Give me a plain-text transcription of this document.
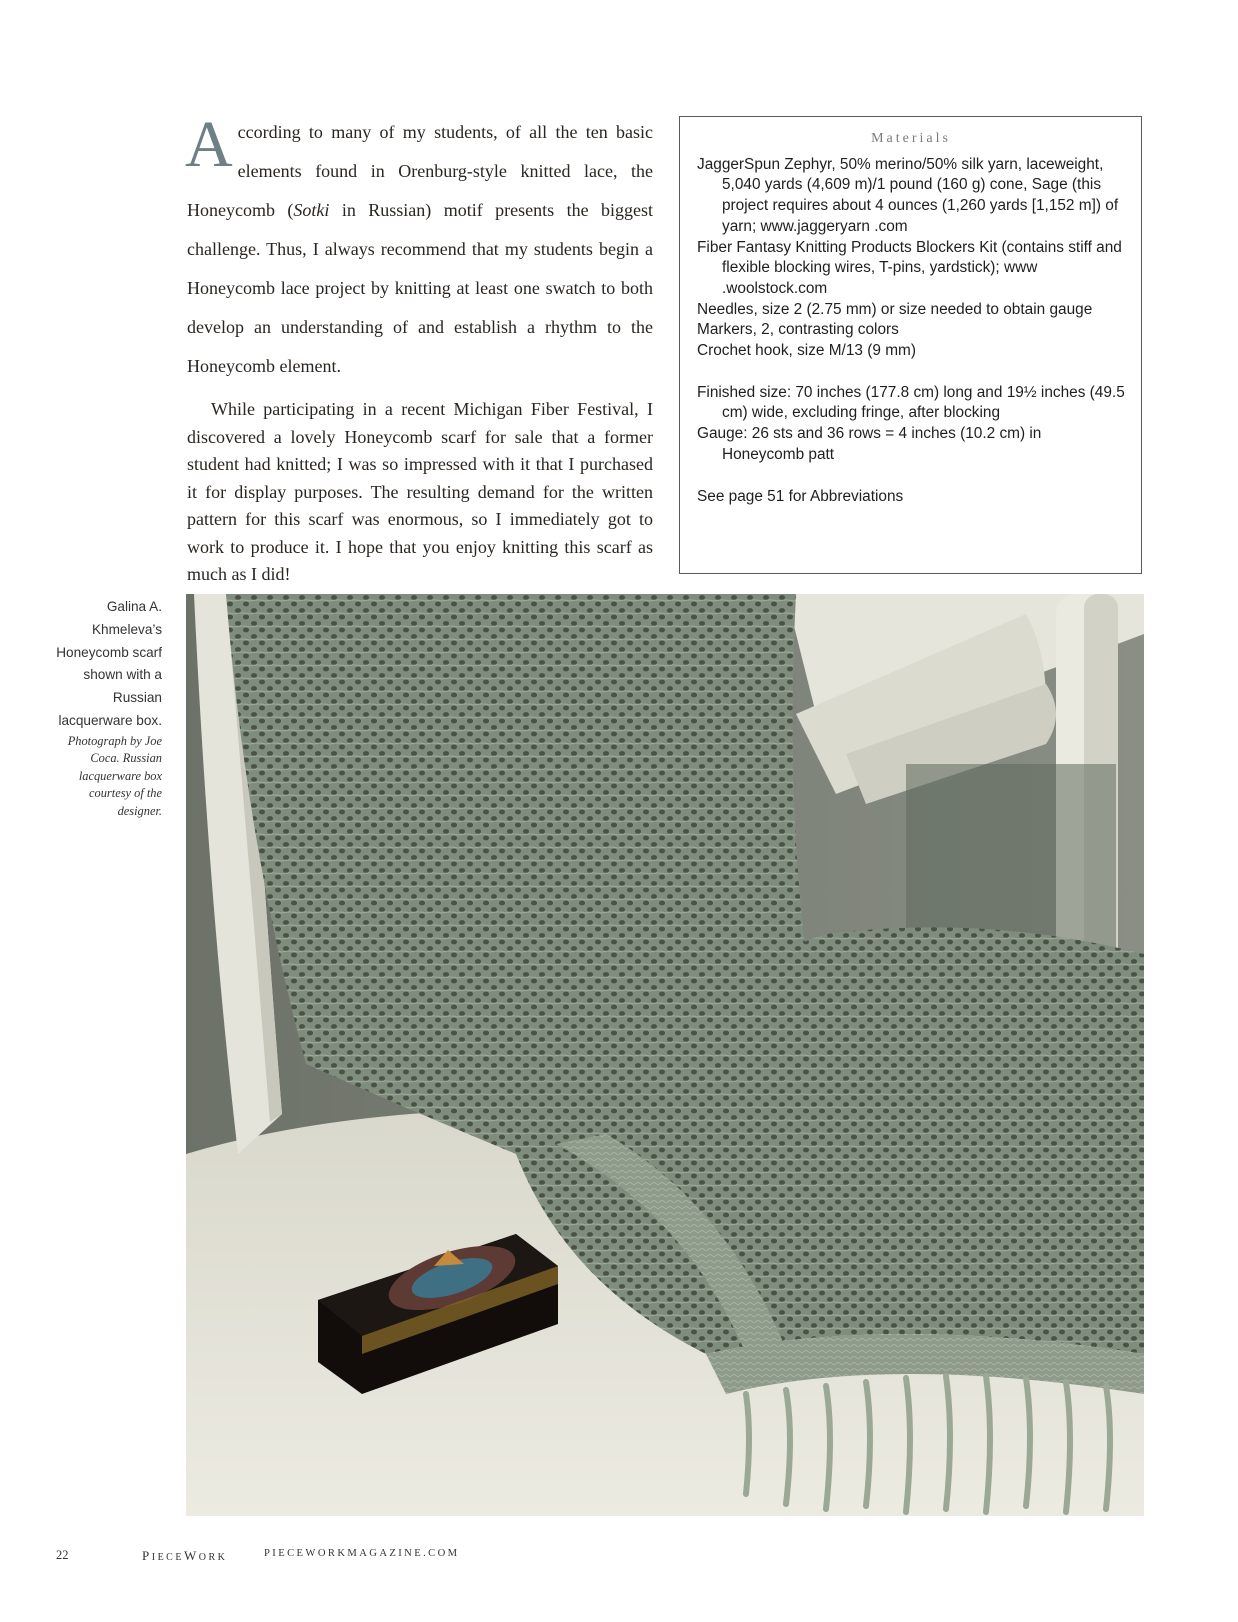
According to many of my students, of all the ten basic elements found in Orenburg-style knitted lace, the Honeycomb (Sotki in Russian) motif presents the biggest challenge. Thus, I always recommend that my students begin a Honeycomb lace project by knitting at least one swatch to both develop an understanding of and establish a rhythm to the Honeycomb element.

While participating in a recent Michigan Fiber Festival, I discovered a lovely Honeycomb scarf for sale that a former student had knitted; I was so impressed with it that I purchased it for display purposes. The resulting demand for the written pattern for this scarf was enormous, so I immediately got to work to produce it. I hope that you enjoy knitting this scarf as much as I did!

Materials
JaggerSpun Zephyr, 50% merino/50% silk yarn, laceweight, 5,040 yards (4,609 m)/1 pound (160 g) cone, Sage (this project requires about 4 ounces (1,260 yards [1,152 m]) of yarn; www.jaggeryarn .com
Fiber Fantasy Knitting Products Blockers Kit (contains stiff and flexible blocking wires, T-pins, yardstick); www .woolstock.com
Needles, size 2 (2.75 mm) or size needed to obtain gauge
Markers, 2, contrasting colors
Crochet hook, size M/13 (9 mm)
Finished size: 70 inches (177.8 cm) long and 19½ inches (49.5 cm) wide, excluding fringe, after blocking
Gauge: 26 sts and 36 rows = 4 inches (10.2 cm) in Honeycomb patt
See page 51 for Abbreviations
Galina A. Khmeleva’s Honeycomb scarf shown with a Russian lacquerware box.
Photograph by Joe Coca. Russian lacquerware box courtesy of the designer.
22	PIECEWORK	PIECEWORKMAGAZINE.COM
